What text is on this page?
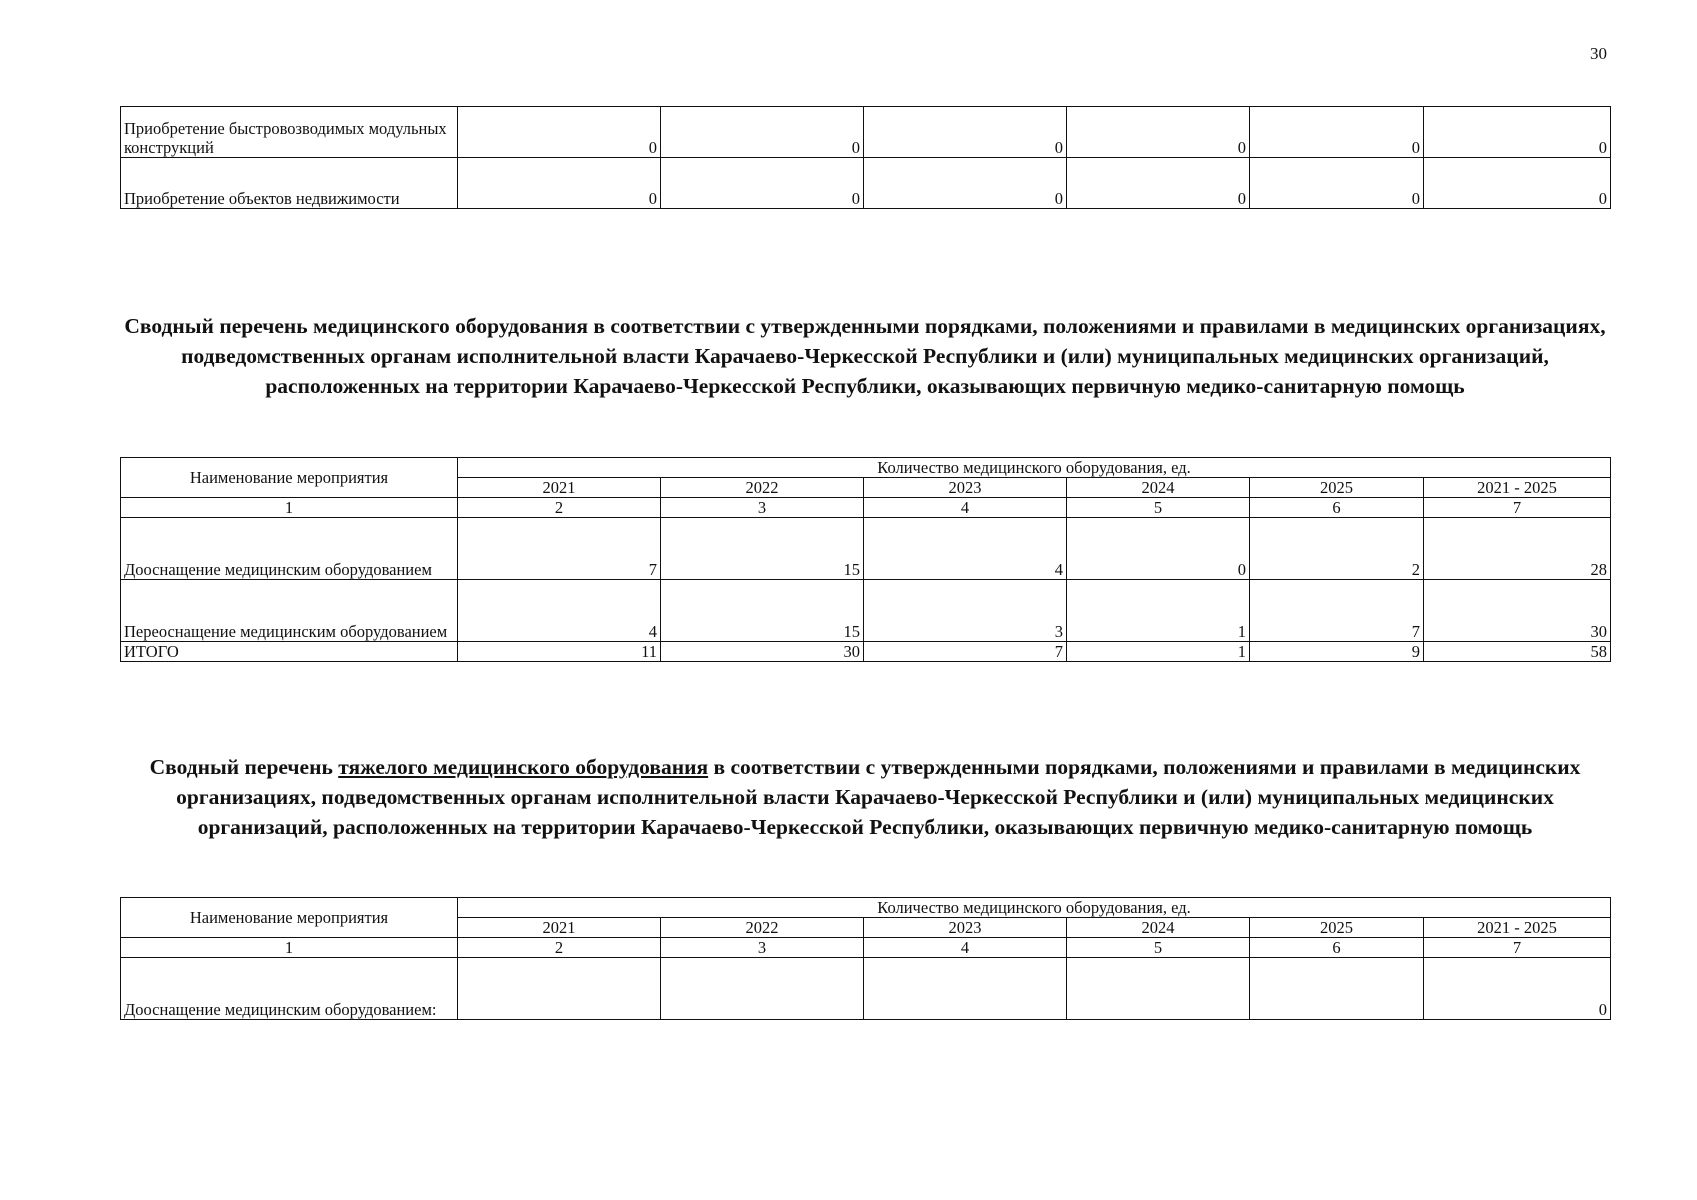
30
Приобретение быстровозводимых модульных конструкций	0	0	0	0	0	0
Приобретение объектов недвижимости	0	0	0	0	0	0
Сводный перечень медицинского оборудования в соответствии с утвержденными порядками, положениями и правилами в медицинских организациях, подведомственных органам исполнительной власти Карачаево-Черкесской Республики и (или) муниципальных медицинских организаций, расположенных на территории Карачаево-Черкесской Республики, оказывающих первичную медико-санитарную помощь
Наименование мероприятия	Количество медицинского оборудования, ед.					
	2021	2022	2023	2024	2025	2021 - 2025
1	2	3	4	5	6	7
Дооснащение медицинским оборудованием	7	15	4	0	2	28
Переоснащение медицинским оборудованием	4	15	3	1	7	30
ИТОГО	11	30	7	1	9	58
Сводный перечень тяжелого медицинского оборудования в соответствии с утвержденными порядками, положениями и правилами в медицинских организациях, подведомственных органам исполнительной власти Карачаево-Черкесской Республики и (или) муниципальных медицинских организаций, расположенных на территории Карачаево-Черкесской Республики, оказывающих первичную медико-санитарную помощь
Наименование мероприятия	Количество медицинского оборудования, ед.					
	2021	2022	2023	2024	2025	2021 - 2025
1	2	3	4	5	6	7
Дооснащение медицинским оборудованием:						0
